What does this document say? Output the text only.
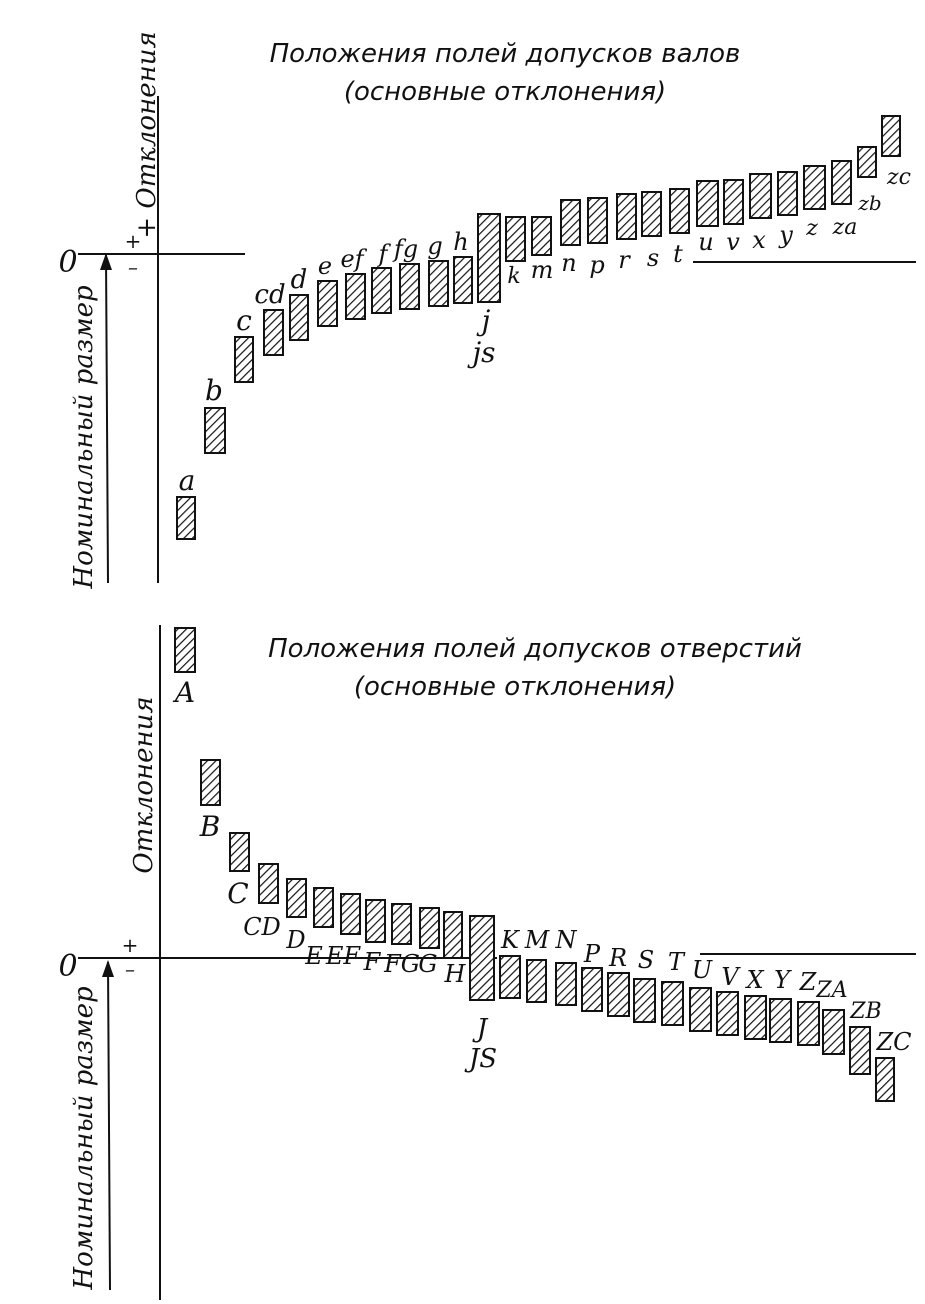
Положения полей допусков валов
(основные отклонения)
0
+
–
+ Отклонения
Номинальный размер	a
b
c
cd d e ef f fg g h
j
js
k m n p r s t u v x y z za
zb
zc
Положения полей допусков отверстий
(основные отклонения)
0
+
–
Отклонения
Номинальный размер
A
B
C
CD D
E EF F FG
G H
J
JS
K M N P R S T U V X Y Z ZA
ZB
ZC
